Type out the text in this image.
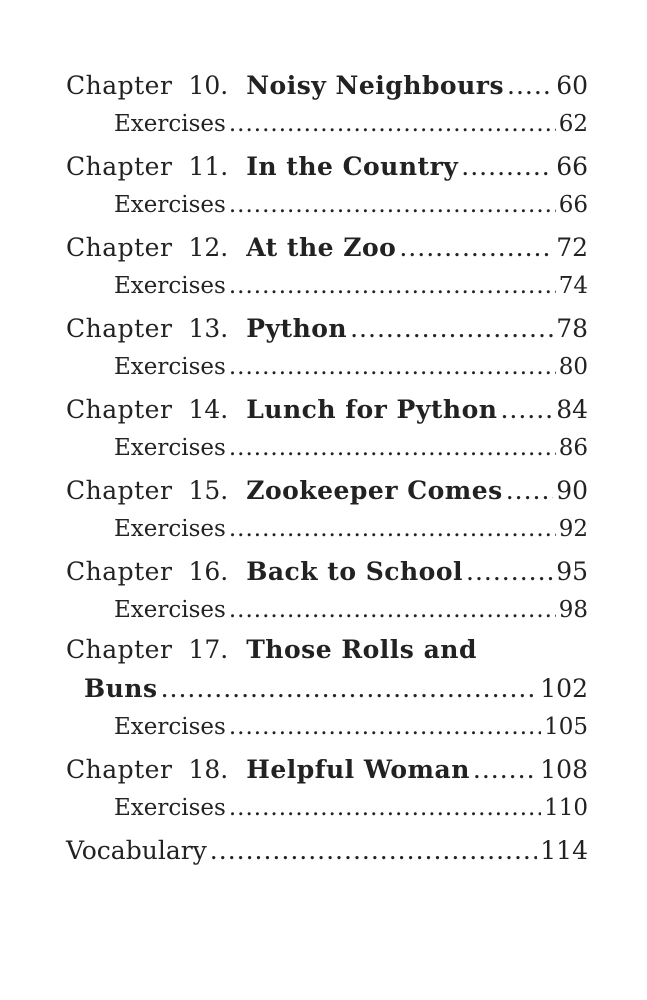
Chapter 10. Noisy Neighbours ..... 60
Exercises .....	62
Chapter 11. In the Country .....	66
Exercises .....	66
Chapter 12. At the Zoo .....	72
Exercises .....	74
Chapter 13. Python .....	78
Exercises .....	80
Chapter 14. Lunch for Python ..... 84
Exercises .....	86
Chapter 15. Zookeeper Comes ..... 90
Exercises .....	92
Chapter 16. Back to School .....	95
Exercises .....	98
Chapter 17. Those Rolls and
Buns .....	102
Exercises .....	105
Chapter 18. Helpful Woman .....	108
Exercises .....	110
Vocabulary .....	114
